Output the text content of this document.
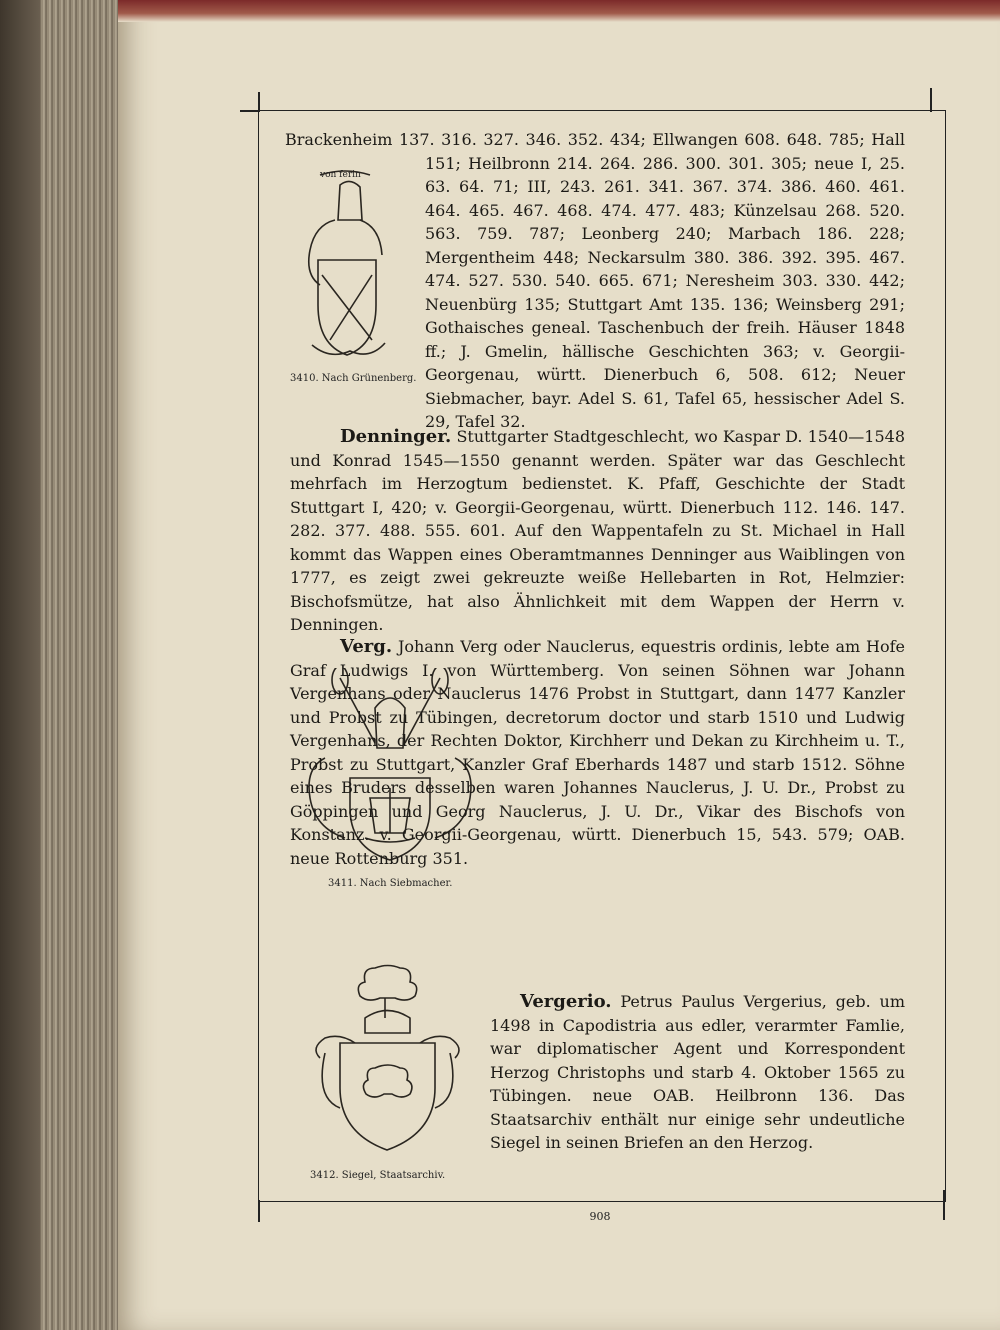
3410. Nach Grünenberg.
von ferin
Brackenheim 137. 316. 327. 346. 352. 434; Ellwangen 608. 648. 785; Hall 151; Heilbronn 214. 264. 286. 300. 301. 305; neue I, 25. 63. 64. 71; III, 243. 261. 341. 367. 374. 386. 460. 461. 464. 465. 467. 468. 474. 477. 483; Künzelsau 268. 520. 563. 759. 787; Leonberg 240; Marbach 186. 228; Mergentheim 448; Neckarsulm 380. 386. 392. 395. 467. 474. 527. 530. 540. 665. 671; Neresheim 303. 330. 442; Neuenbürg 135; Stuttgart Amt 135. 136; Weinsberg 291; Gothaisches geneal. Taschenbuch der freih. Häuser 1848 ff.; J. Gmelin, hällische Geschichten 363; v. Georgii-Georgenau, württ. Dienerbuch 6, 508. 612; Neuer Siebmacher, bayr. Adel S. 61, Tafel 65, hessischer Adel S. 29, Tafel 32.
Denninger. Stuttgarter Stadtgeschlecht, wo Kaspar D. 1540—1548 und Konrad 1545—1550 genannt werden. Später war das Geschlecht mehrfach im Herzogtum bedienstet. K. Pfaff, Geschichte der Stadt Stuttgart I, 420; v. Georgii-Georgenau, württ. Dienerbuch 112. 146. 147. 282. 377. 488. 555. 601. Auf den Wappentafeln zu St. Michael in Hall kommt das Wappen eines Oberamtmannes Denninger aus Waiblingen von 1777, es zeigt zwei gekreuzte weiße Hellebarten in Rot, Helmzier: Bischofsmütze, hat also Ähnlichkeit mit dem Wappen der Herrn v. Denningen.
3411. Nach Siebmacher.
Verg. Johann Verg oder Nauclerus, equestris ordinis, lebte am Hofe Graf Ludwigs I. von Württemberg. Von seinen Söhnen war Johann Vergenhans oder Nauclerus 1476 Probst in Stuttgart, dann 1477 Kanzler und Probst zu Tübingen, decretorum doctor und starb 1510 und Ludwig Vergenhans, der Rechten Doktor, Kirchherr und Dekan zu Kirchheim u. T., Probst zu Stuttgart, Kanzler Graf Eberhards 1487 und starb 1512. Söhne eines Bruders desselben waren Johannes Nauclerus, J. U. Dr., Probst zu Göppingen und Georg Nauclerus, J. U. Dr., Vikar des Bischofs von Konstanz. v. Georgii-Georgenau, württ. Dienerbuch 15, 543. 579; OAB. neue Rottenburg 351.
3412. Siegel, Staatsarchiv.
Vergerio. Petrus Paulus Vergerius, geb. um 1498 in Capodistria aus edler, verarmter Famlie, war diplomatischer Agent und Korrespondent Herzog Christophs und starb 4. Oktober 1565 zu Tübingen. neue OAB. Heilbronn 136. Das Staatsarchiv enthält nur einige sehr undeutliche Siegel in seinen Briefen an den Herzog.
908
